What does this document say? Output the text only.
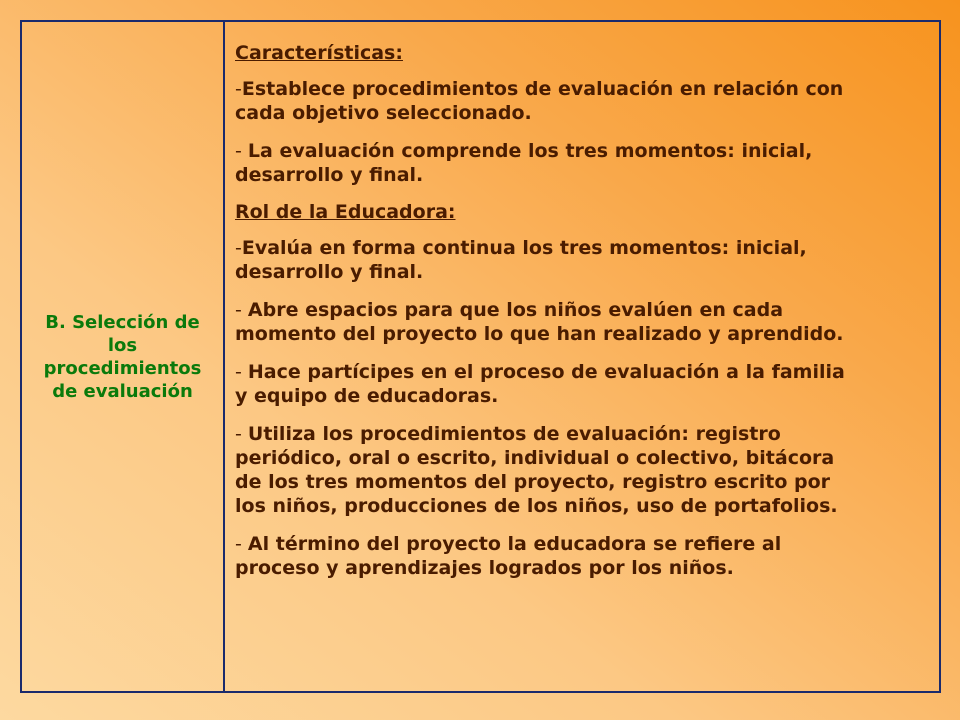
B. Selección de
los
procedimientos
de evaluación

Características:

-Establece procedimientos de evaluación en relación con
cada objetivo seleccionado.

- La evaluación comprende los tres momentos: inicial,
desarrollo y final.

Rol de la Educadora:

-Evalúa en forma continua los tres momentos: inicial,
desarrollo y final.

- Abre espacios para que los niños evalúen en cada
momento del proyecto lo que han realizado y aprendido.

- Hace partícipes en el proceso de evaluación a la familia
y equipo de educadoras.

- Utiliza los procedimientos de evaluación: registro
periódico, oral o escrito, individual o colectivo, bitácora
de los tres momentos del proyecto, registro escrito por
los niños, producciones de los niños, uso de portafolios.

- Al término del proyecto la educadora se refiere al
proceso y aprendizajes logrados por los niños.
